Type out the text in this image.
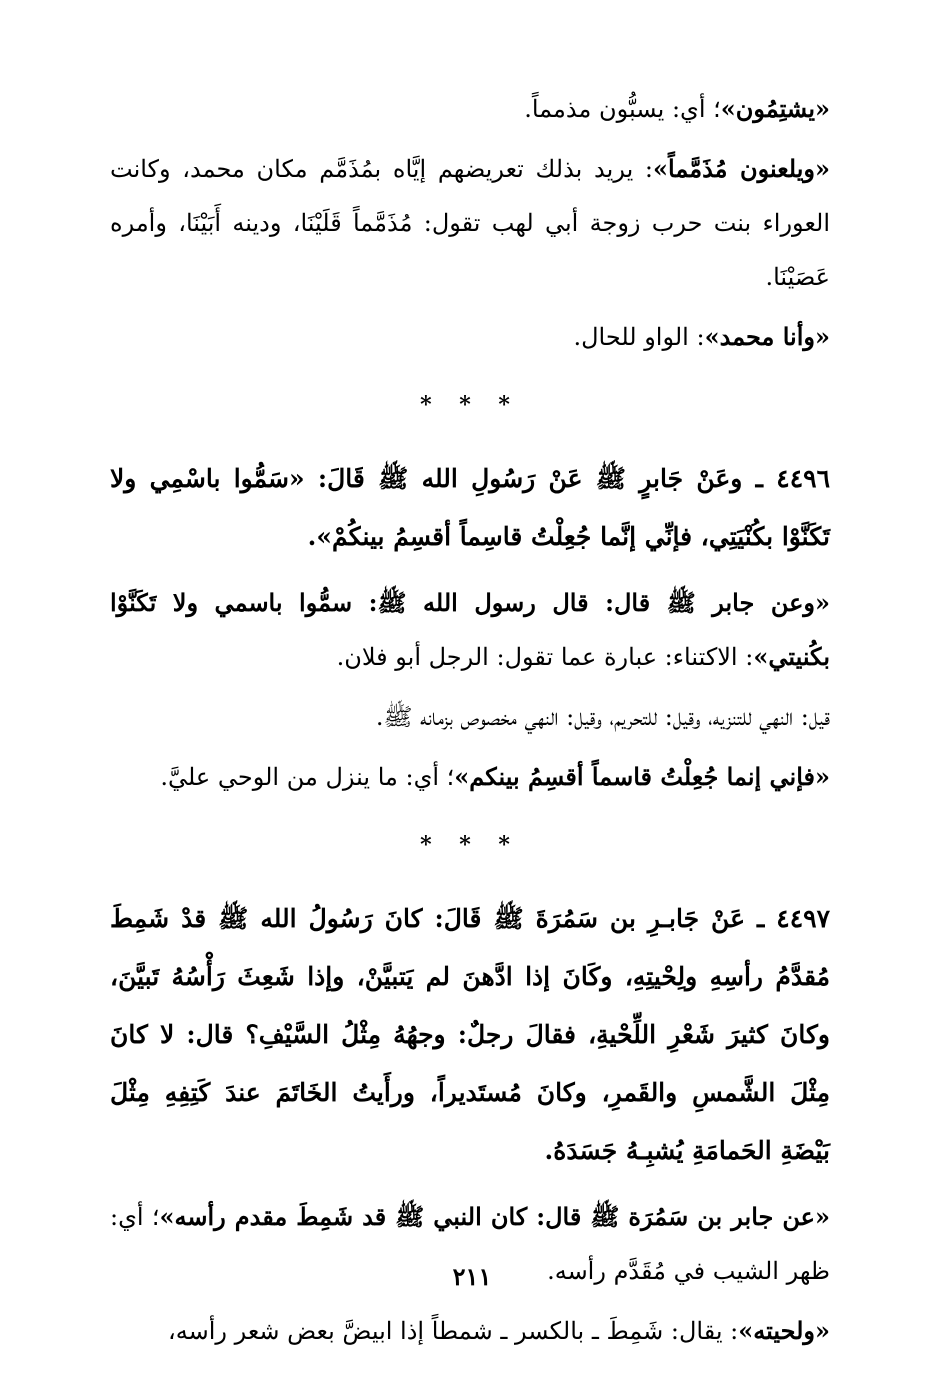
«يشتِمُون»؛ أي: يسبُّون مذمماً.

«ويلعنون مُذَمَّماً»: يريد بذلك تعريضهم إيَّاه بمُذَمَّم مكان محمد، وكانت العوراء بنت حرب زوجة أبي لهب تقول: مُذَمَّماً قَلَيْنَا، ودينه أَبَيْنَا، وأمره عَصَيْنَا.

«وأنا محمد»: الواو للحال.

* * *

٤٤٩٦ ـ وعَنْ جَابرٍ ﷺ عَنْ رَسُولِ الله ﷺ قَالَ: «سَمُّوا باسْمِي ولا تَكَنَّوْا بكُنْيَتِي، فإنِّي إنَّما جُعِلْتُ قاسِماً أقسِمُ بينكُمْ».

«وعن جابر ﷺ قال: قال رسول الله ﷺ: سمُّوا باسمي ولا تَكَنَّوْا بكُنيتي»: الاكتناء: عبارة عما تقول: الرجل أبو فلان.

قيل: النهي للتنزيه، وقيل: للتحريم، وقيل: النهي مخصوص بزمانه ﷺ.

«فإني إنما جُعِلْتُ قاسماً أقسِمُ بينكم»؛ أي: ما ينزل من الوحي عليَّ.

* * *

٤٤٩٧ ـ عَنْ جَابـرِ بن سَمُرَةَ ﷺ قَالَ: كانَ رَسُولُ الله ﷺ قدْ شَمِطَ مُقدَّمُ رأسِهِ ولِحْيتِهِ، وكَانَ إذا ادَّهنَ لم يَتبيَّنْ، وإذا شَعِثَ رَأْسُهُ تَبيَّنَ، وكانَ كثيرَ شَعْرِ اللِّحْيةِ، فقالَ رجلٌ: وجهُهُ مِثْلُ السَّيْفِ؟ قال: لا كانَ مِثْلَ الشَّمسِ والقَمرِ، وكانَ مُستَديراً، ورأَيتُ الخَاتَمَ عندَ كَتِفِهِ مِثْلَ بَيْضَةِ الحَمامَةِ يُشبِـهُ جَسَدَهُ.

«عن جابر بن سَمُرَة ﷺ قال: كان النبي ﷺ قد شَمِطَ مقدم رأسه»؛ أي: ظهر الشيب في مُقَدَّم رأسه.

«ولحيته»: يقال: شَمِطَ ـ بالكسر ـ شمطاً إذا ابيضَّ بعض شعر رأسه،

٢١١
